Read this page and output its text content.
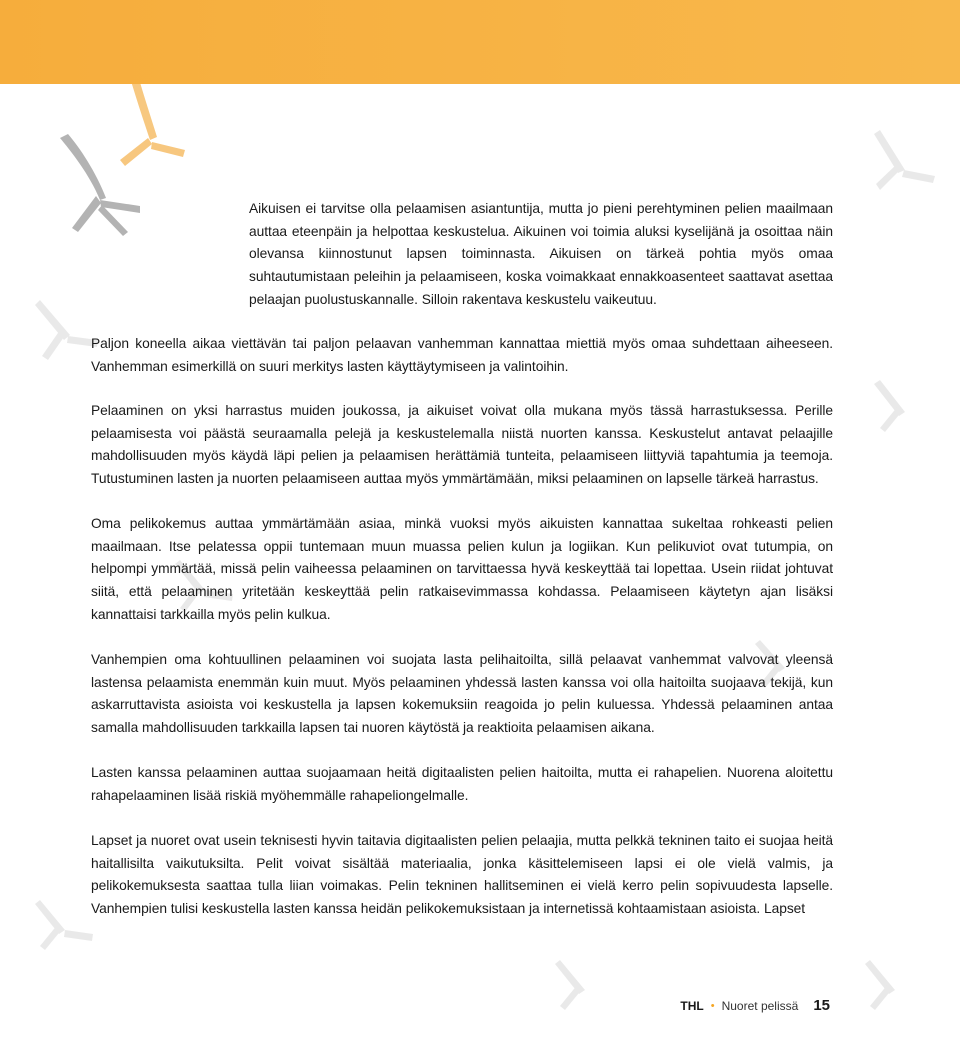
Aikuisen ei tarvitse olla pelaamisen asiantuntija, mutta jo pieni perehtyminen pelien maailmaan auttaa eteenpäin ja helpottaa keskustelua. Aikuinen voi toimia aluksi kyselijänä ja osoittaa näin olevansa kiinnostunut lapsen toiminnasta. Aikuisen on tärkeä pohtia myös omaa suhtautumistaan peleihin ja pelaamiseen, koska voimakkaat ennakkoasenteet saattavat asettaa pelaajan puolustuskannalle. Silloin rakentava keskustelu vaikeutuu.

Paljon koneella aikaa viettävän tai paljon pelaavan vanhemman kannattaa miettiä myös omaa suhdettaan aiheeseen. Vanhemman esimerkillä on suuri merkitys lasten käyttäytymiseen ja valintoihin.

Pelaaminen on yksi harrastus muiden joukossa, ja aikuiset voivat olla mukana myös tässä harrastuksessa. Perille pelaamisesta voi päästä seuraamalla pelejä ja keskustelemalla niistä nuorten kanssa. Keskustelut antavat pelaajille mahdollisuuden myös käydä läpi pelien ja pelaamisen herättämiä tunteita, pelaamiseen liittyviä tapahtumia ja teemoja. Tutustuminen lasten ja nuorten pelaamiseen auttaa myös ymmärtämään, miksi pelaaminen on lapselle tärkeä harrastus.

Oma pelikokemus auttaa ymmärtämään asiaa, minkä vuoksi myös aikuisten kannattaa sukeltaa rohkeasti pelien maailmaan. Itse pelatessa oppii tuntemaan muun muassa pelien kulun ja logiikan. Kun pelikuviot ovat tutumpia, on helpompi ymmärtää, missä pelin vaiheessa pelaaminen on tarvittaessa hyvä keskeyttää tai lopettaa. Usein riidat johtuvat siitä, että pelaaminen yritetään keskeyttää pelin ratkaisevimmassa kohdassa. Pelaamiseen käytetyn ajan lisäksi kannattaisi tarkkailla myös pelin kulkua.

Vanhempien oma kohtuullinen pelaaminen voi suojata lasta pelihaitoilta, sillä pelaavat vanhemmat valvovat yleensä lastensa pelaamista enemmän kuin muut. Myös pelaaminen yhdessä lasten kanssa voi olla haitoilta suojaava tekijä, kun askarruttavista asioista voi keskustella ja lapsen kokemuksiin reagoida jo pelin kuluessa. Yhdessä pelaaminen antaa samalla mahdollisuuden tarkkailla lapsen tai nuoren käytöstä ja reaktioita pelaamisen aikana.

Lasten kanssa pelaaminen auttaa suojaamaan heitä digitaalisten pelien haitoilta, mutta ei rahapelien. Nuorena aloitettu rahapelaaminen lisää riskiä myöhemmälle rahapeliongelmalle.

Lapset ja nuoret ovat usein teknisesti hyvin taitavia digitaalisten pelien pelaajia, mutta pelkkä tekninen taito ei suojaa heitä haitallisilta vaikutuksilta. Pelit voivat sisältää materiaalia, jonka käsittelemiseen lapsi ei ole vielä valmis, ja pelikokemuksesta saattaa tulla liian voimakas. Pelin tekninen hallitseminen ei vielä kerro pelin sopivuudesta lapselle. Vanhempien tulisi keskustella lasten kanssa heidän pelikokemuksistaan ja internetissä kohtaamistaan asioista. Lapset

THL • Nuoret pelissä 15
